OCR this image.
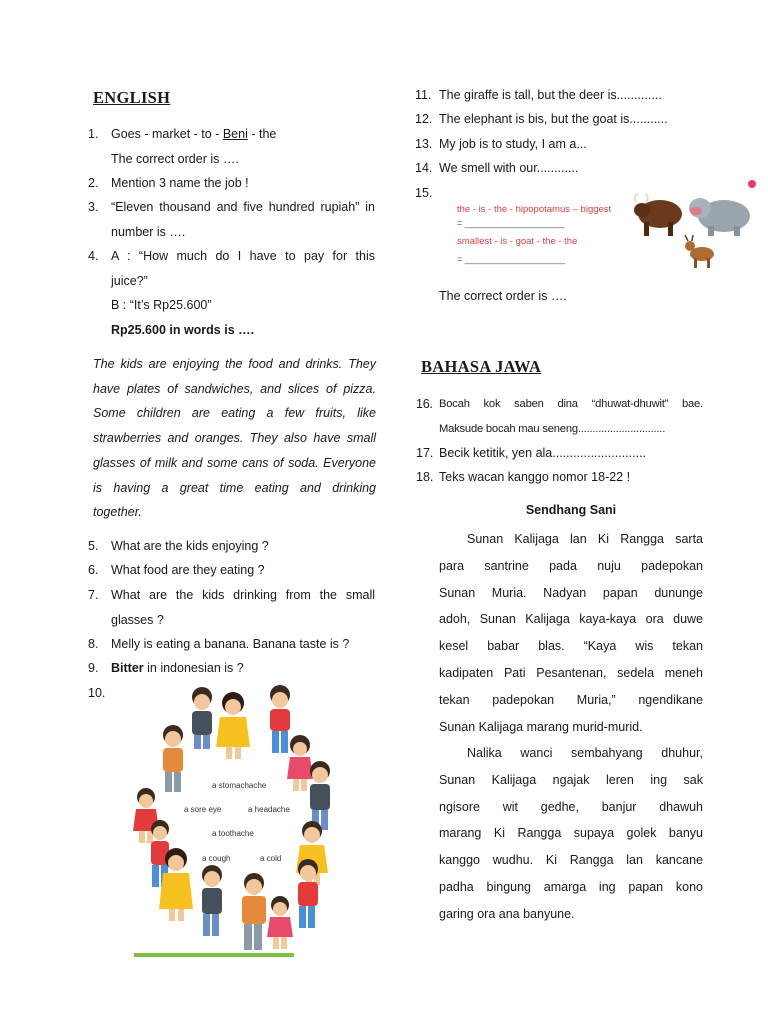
ENGLISH
1. Goes - market - to - Beni - the
The correct order is ….
2. Mention 3 name the job !
3. “Eleven thousand and five hundred rupiah” in
number is ….
4. A : “How much do I have to pay for this
juice?”
B : “It’s Rp25.600”
Rp25.600 in words is ….
The kids are enjoying the food and drinks. They
have plates of sandwiches, and slices of pizza.
Some children are eating a few fruits, like
strawberries and oranges. They also have small
glasses of milk and some cans of soda. Everyone
is having a great time eating and drinking
together.
5. What are the kids enjoying ?
6. What food are they eating ?
7. What are the kids drinking from the small
glasses ?
8. Melly is eating a banana. Banana taste is ?
9. Bitter in indonesian is ?
10.
a stomachache
a sore eye	a headache
a toothache
a cough	a cold
11. The giraffe is tall, but the deer is.............
12. The elephant is bis, but the goat is...........
13. My job is to study, I am a...
14. We smell with our............
15.
the - is - the - hipopotamus – biggest
= ____________________
smallest - is - goat - the - the
= ____________________
The correct order is ….
BAHASA JAWA
16. Bocah kok saben dina “dhuwat-dhuwit” bae.
Maksude bocah mau seneng..............................
17. Becik ketitik, yen ala...........................
18. Teks wacan kanggo nomor 18-22 !
Sendhang Sani
Sunan Kalijaga lan Ki Rangga sarta
para santrine pada nuju padepokan
Sunan Muria. Nadyan papan dununge
adoh, Sunan Kalijaga kaya-kaya ora duwe
kesel babar blas. “Kaya wis tekan
kadipaten Pati Pesantenan, sedela meneh
tekan padepokan Muria,” ngendikane
Sunan Kalijaga marang murid-murid.
Nalika wanci sembahyang dhuhur,
Sunan Kalijaga ngajak leren ing sak
ngisore wit gedhe, banjur dhawuh
marang Ki Rangga supaya golek banyu
kanggo wudhu. Ki Rangga lan kancane
padha bingung amarga ing papan kono
garing ora ana banyune.
